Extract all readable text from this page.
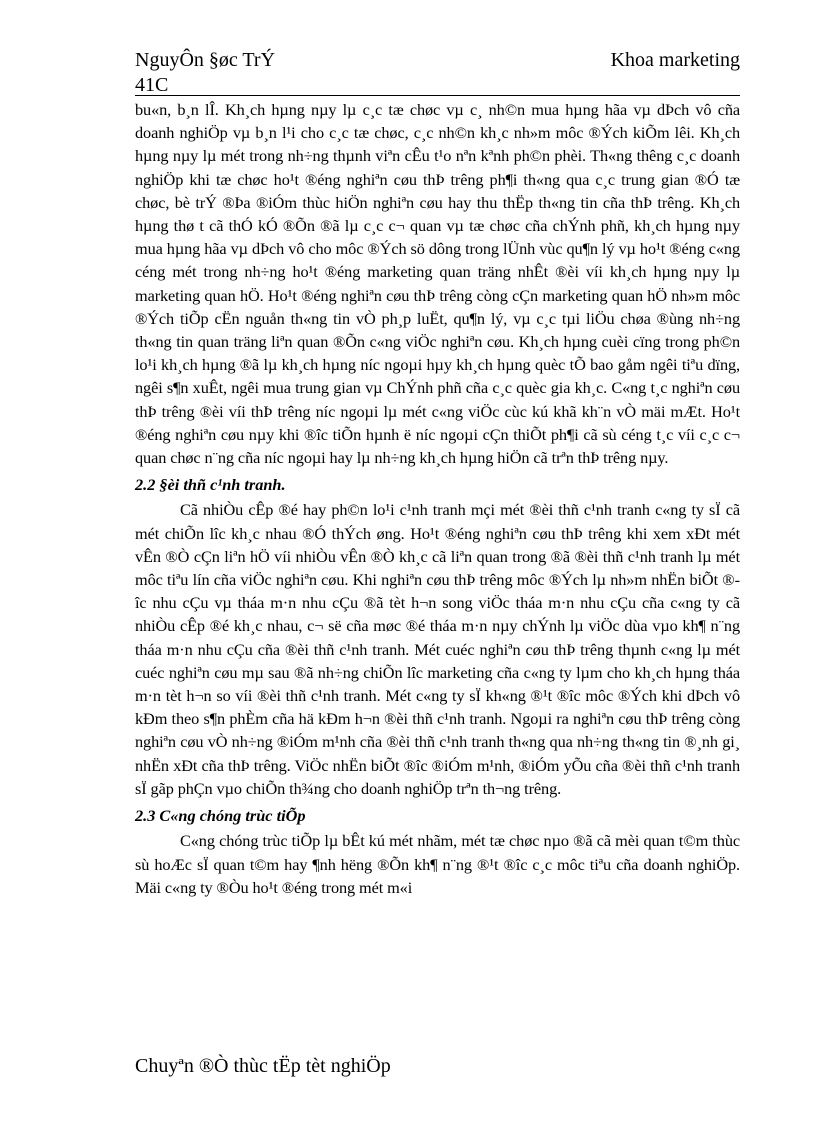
NguyÔn §øc TrÝ
41C
Khoa marketing

bu«n, b¸n lÎ. Kh¸ch hµng nµy lµ c¸c tæ chøc vµ c¸ nh©n mua hµng hãa vµ dÞch vô cña doanh nghiÖp vµ b¸n l¹i cho c¸c tæ chøc, c¸c nh©n kh¸c nh»m môc ®Ých kiÕm lêi. Kh¸ch hµng nµy lµ mét trong nh÷ng thµnh viªn cÊu t¹o nªn kªnh ph©n phèi. Th«ng thêng c¸c doanh nghiÖp khi tæ chøc ho¹t ®éng nghiªn cøu thÞ trêng ph¶i th«ng qua c¸c trung gian ®Ó tæ chøc, bè trÝ ®Þa ®iÓm thùc hiÖn nghiªn cøu hay thu thËp th«ng tin cña thÞ trêng. Kh¸ch hµng thø t cã thÓ kÓ ®Õn ®ã lµ c¸c c¬ quan vµ tæ chøc cña chÝnh phñ, kh¸ch hµng nµy mua hµng hãa vµ dÞch vô cho môc ®Ých sö dông trong lÜnh vùc qu¶n lý vµ ho¹t ®éng c«ng céng mét trong nh÷ng ho¹t ®éng marketing quan träng nhÊt ®èi víi kh¸ch hµng nµy lµ marketing quan hÖ. Ho¹t ®éng nghiªn cøu thÞ trêng còng cÇn marketing quan hÖ nh»m môc ®Ých tiÕp cËn nguån th«ng tin vÒ ph¸p luËt, qu¶n lý, vµ c¸c tµi liÖu chøa ®ùng nh÷ng th«ng tin quan träng liªn quan ®Õn c«ng viÖc nghiªn cøu. Kh¸ch hµng cuèi cïng trong ph©n lo¹i kh¸ch hµng ®ã lµ kh¸ch hµng níc ngoµi hµy kh¸ch hµng quèc tÕ bao gåm ngêi tiªu dïng, ngêi s¶n xuÊt, ngêi mua trung gian vµ ChÝnh phñ cña c¸c quèc gia kh¸c. C«ng t¸c nghiªn cøu thÞ trêng ®èi víi thÞ trêng níc ngoµi lµ mét c«ng viÖc cùc kú khã kh¨n vÒ mäi mÆt. Ho¹t ®éng nghiªn cøu nµy khi ®îc tiÕn hµnh ë níc ngoµi cÇn thiÕt ph¶i cã sù céng t¸c víi c¸c c¬ quan chøc n¨ng cña níc ngoµi hay lµ nh÷ng kh¸ch hµng hiÖn cã trªn thÞ trêng nµy.

2.2 §èi thñ c¹nh tranh.

Cã nhiÒu cÊp ®é hay ph©n lo¹i c¹nh tranh mçi mét ®èi thñ c¹nh tranh c«ng ty sÏ cã mét chiÕn lîc kh¸c nhau ®Ó thÝch øng. Ho¹t ®éng nghiªn cøu thÞ trêng khi xem xÐt mét vÊn ®Ò cÇn liªn hÖ víi nhiÒu vÊn ®Ò kh¸c cã liªn quan trong ®ã ®èi thñ c¹nh tranh lµ mét môc tiªu lín cña viÖc nghiªn cøu. Khi nghiªn cøu thÞ trêng môc ®Ých lµ nh»m nhËn biÕt ®îc nhu cÇu vµ tháa m·n nhu cÇu ®ã tèt h¬n song viÖc tháa m·n nhu cÇu cña c«ng ty cã nhiÒu cÊp ®é kh¸c nhau, c¬ së cña møc ®é tháa m·n nµy chÝnh lµ viÖc dùa vµo kh¶ n¨ng tháa m·n nhu cÇu cña ®èi thñ c¹nh tranh. Mét cuéc nghiªn cøu thÞ trêng thµnh c«ng lµ mét cuéc nghiªn cøu mµ sau ®ã nh÷ng chiÕn lîc marketing cña c«ng ty lµm cho kh¸ch hµng tháa m·n tèt h¬n so víi ®èi thñ c¹nh tranh. Mét c«ng ty sÏ kh«ng ®¹t ®îc môc ®Ých khi dÞch vô kÐm theo s¶n phÈm cña hä kÐm h¬n ®èi thñ c¹nh tranh. Ngoµi ra nghiªn cøu thÞ trêng còng nghiªn cøu vÒ nh÷ng ®iÓm m¹nh cña ®èi thñ c¹nh tranh th«ng qua nh÷ng th«ng tin ®¸nh gi¸ nhËn xÐt cña thÞ trêng. ViÖc nhËn biÕt ®îc ®iÓm m¹nh, ®iÓm yÕu cña ®èi thñ c¹nh tranh sÏ gãp phÇn vµo chiÕn th¾ng cho doanh nghiÖp trªn th¬ng trêng.

2.3 C«ng chóng trùc tiÕp

C«ng chóng trùc tiÕp lµ bÊt kú mét nhãm, mét tæ chøc nµo ®ã cã mèi quan t©m thùc sù hoÆc sÏ quan t©m hay ¶nh hëng ®Õn kh¶ n¨ng ®¹t ®îc c¸c môc tiªu cña doanh nghiÖp. Mäi c«ng ty ®Òu ho¹t ®éng trong mét m«i

Chuyªn ®Ò thùc tËp tèt nghiÖp
